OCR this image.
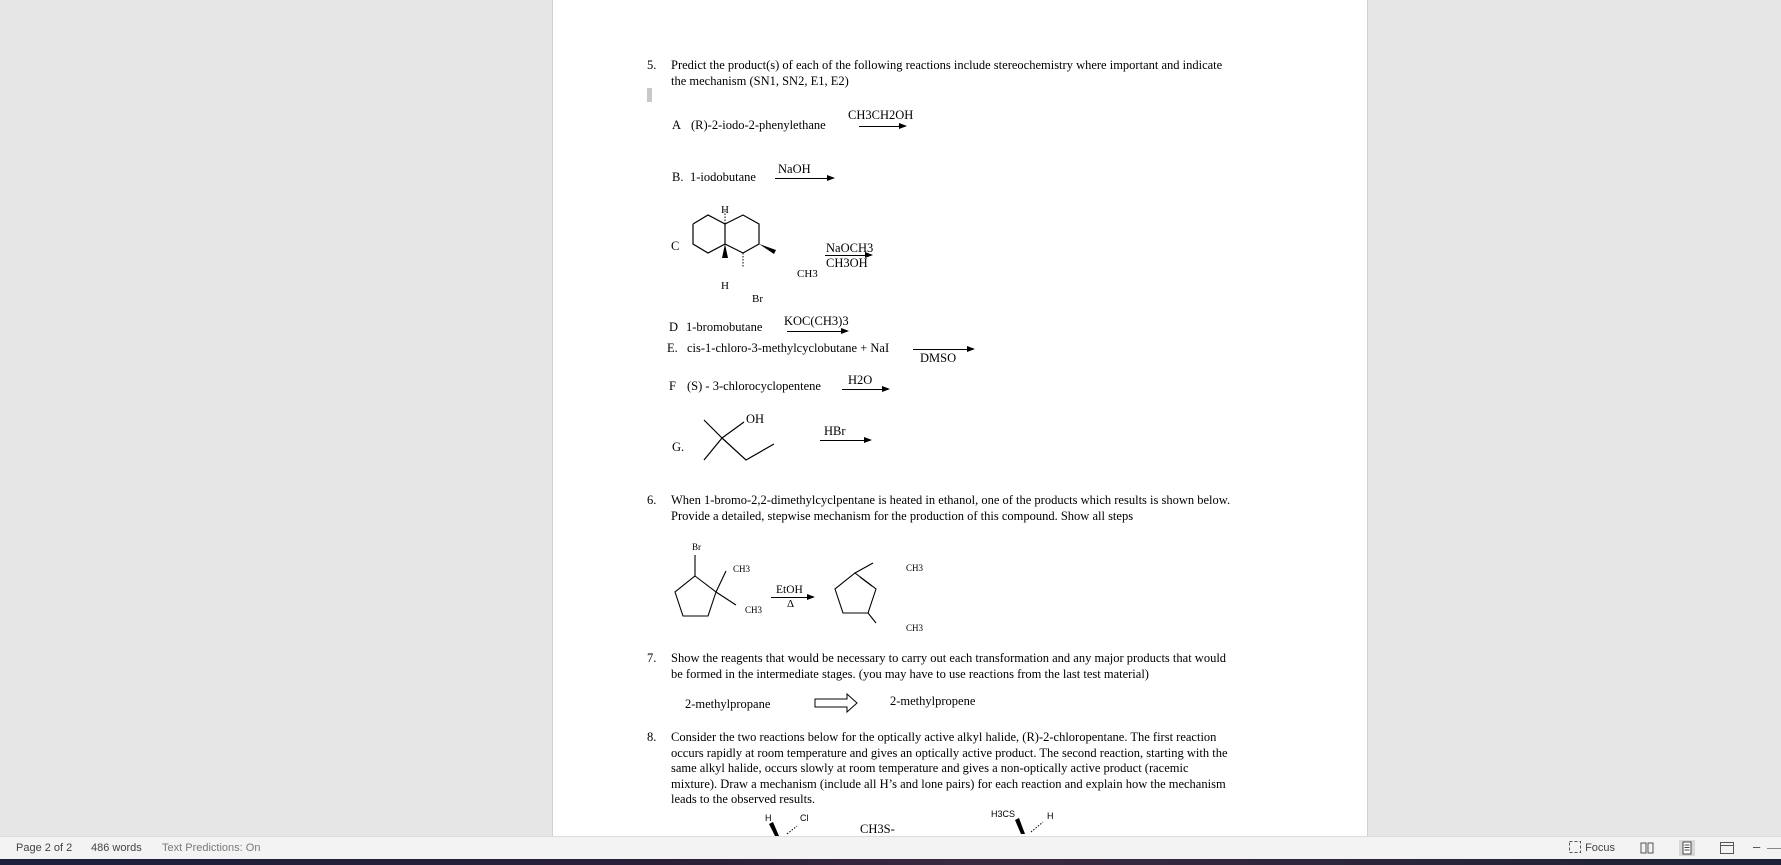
5. Predict the product(s) of each of the following reactions include stereochemistry where important and indicate
the mechanism (SN1, SN2, E1, E2)
A (R)-2-iodo-2-phenylethane
CH3CH2OH
B. 1-iodobutane
NaOH
C
H
H
Br
CH3
NaOCH3
CH3OH
D 1-bromobutane KOC(CH3)3
E. cis-1-chloro-3-methylcyclobutane + NaI
DMSO
F (S) - 3-chlorocyclopentene H2O
G.
OH
HBr
6. When 1-bromo-2,2-dimethylcyclpentane is heated in ethanol, one of the products which results is shown below.
Provide a detailed, stepwise mechanism for the production of this compound. Show all steps
Br
CH3
CH3
EtOH
Δ
CH3
CH3
7. Show the reagents that would be necessary to carry out each transformation and any major products that would
be formed in the intermediate stages. (you may have to use reactions from the last test material)
2-methylpropane	2-methylpropene
8. Consider the two reactions below for the optically active alkyl halide, (R)-2-chloropentane. The first reaction
occurs rapidly at room temperature and gives an optically active product. The second reaction, starting with the
same alkyl halide, occurs slowly at room temperature and gives a non-optically active product (racemic
mixture). Draw a mechanism (include all H’s and lone pairs) for each reaction and explain how the mechanism
leads to the observed results.
H	Cl
CH3S-
H3CS	H
Page 2 of 2 486 words Text Predictions: On	Focus	–
